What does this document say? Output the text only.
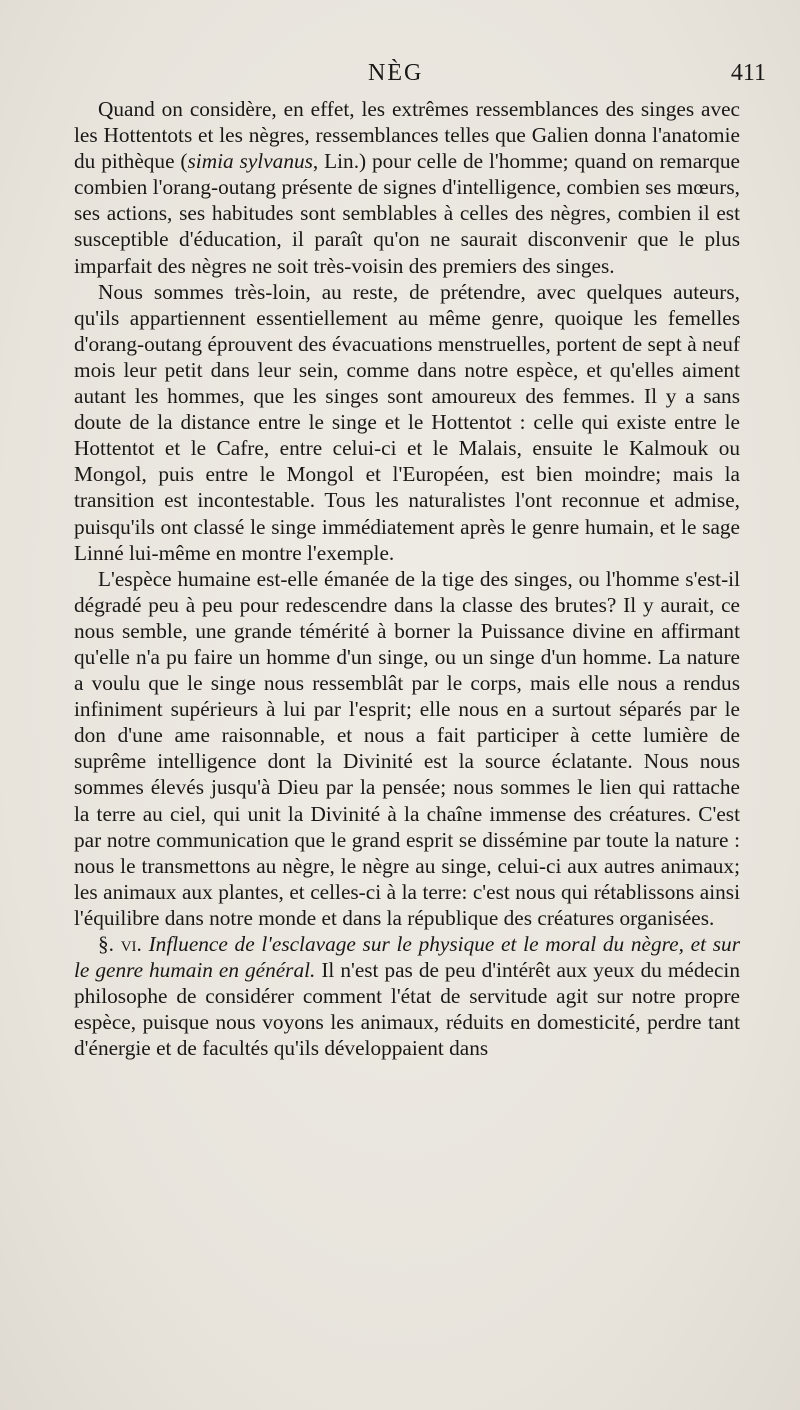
NÈG	411

Quand on considère, en effet, les extrêmes ressemblances des singes avec les Hottentots et les nègres, ressemblances telles que Galien donna l'anatomie du pithèque (simia sylvanus, Lin.) pour celle de l'homme; quand on remarque combien l'orang-outang présente de signes d'intelligence, combien ses mœurs, ses actions, ses habitudes sont semblables à celles des nègres, combien il est susceptible d'éducation, il paraît qu'on ne saurait disconvenir que le plus imparfait des nègres ne soit très-voisin des premiers des singes.

Nous sommes très-loin, au reste, de prétendre, avec quelques auteurs, qu'ils appartiennent essentiellement au même genre, quoique les femelles d'orang-outang éprouvent des évacuations menstruelles, portent de sept à neuf mois leur petit dans leur sein, comme dans notre espèce, et qu'elles aiment autant les hommes, que les singes sont amoureux des femmes. Il y a sans doute de la distance entre le singe et le Hottentot : celle qui existe entre le Hottentot et le Cafre, entre celui-ci et le Malais, ensuite le Kalmouk ou Mongol, puis entre le Mongol et l'Européen, est bien moindre; mais la transition est incontestable. Tous les naturalistes l'ont reconnue et admise, puisqu'ils ont classé le singe immédiatement après le genre humain, et le sage Linné lui-même en montre l'exemple.

L'espèce humaine est-elle émanée de la tige des singes, ou l'homme s'est-il dégradé peu à peu pour redescendre dans la classe des brutes? Il y aurait, ce nous semble, une grande témérité à borner la Puissance divine en affirmant qu'elle n'a pu faire un homme d'un singe, ou un singe d'un homme. La nature a voulu que le singe nous ressemblât par le corps, mais elle nous a rendus infiniment supérieurs à lui par l'esprit; elle nous en a surtout séparés par le don d'une ame raisonnable, et nous a fait participer à cette lumière de suprême intelligence dont la Divinité est la source éclatante. Nous nous sommes élevés jusqu'à Dieu par la pensée; nous sommes le lien qui rattache la terre au ciel, qui unit la Divinité à la chaîne immense des créatures. C'est par notre communication que le grand esprit se dissémine par toute la nature : nous le transmettons au nègre, le nègre au singe, celui-ci aux autres animaux; les animaux aux plantes, et celles-ci à la terre: c'est nous qui rétablissons ainsi l'équilibre dans notre monde et dans la république des créatures organisées.

§. vi. Influence de l'esclavage sur le physique et le moral du nègre, et sur le genre humain en général. Il n'est pas de peu d'intérêt aux yeux du médecin philosophe de considérer comment l'état de servitude agit sur notre propre espèce, puisque nous voyons les animaux, réduits en domesticité, perdre tant d'énergie et de facultés qu'ils développaient dans
